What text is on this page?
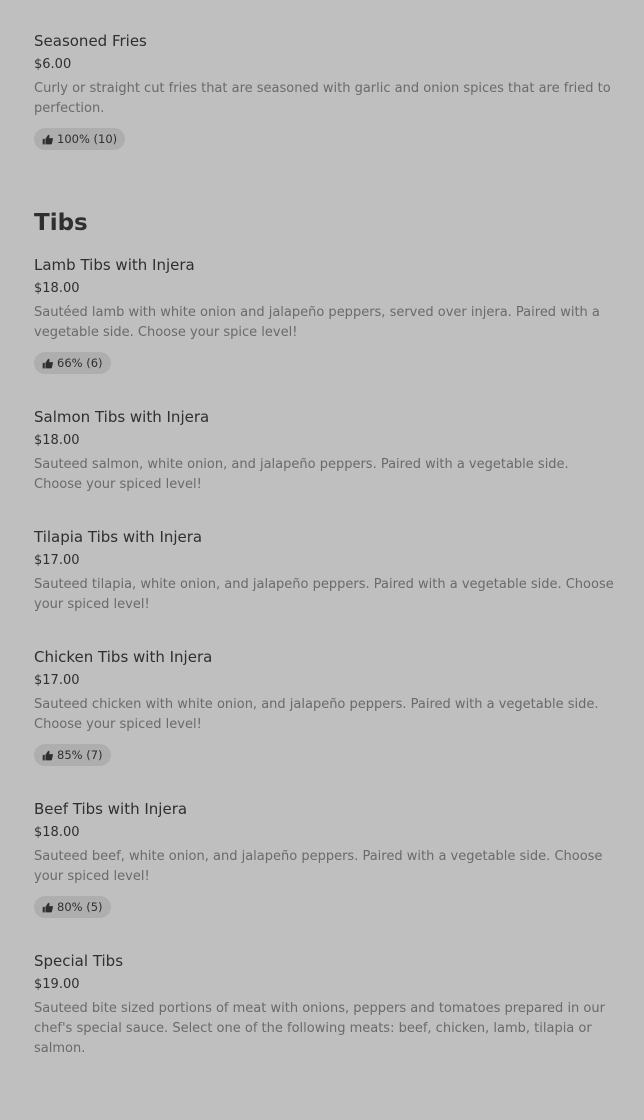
Seasoned Fries
$6.00
Curly or straight cut fries that are seasoned with garlic and onion spices that are fried to perfection.
100% (10)
Tibs
Lamb Tibs with Injera
$18.00
Sautéed lamb with white onion and jalapeño peppers, served over injera. Paired with a vegetable side. Choose your spice level!
66% (6)
Salmon Tibs with Injera
$18.00
Sauteed salmon, white onion, and jalapeño peppers. Paired with a vegetable side. Choose your spiced level!
Tilapia Tibs with Injera
$17.00
Sauteed tilapia, white onion, and jalapeño peppers. Paired with a vegetable side. Choose your spiced level!
Chicken Tibs with Injera
$17.00
Sauteed chicken with white onion, and jalapeño peppers. Paired with a vegetable side. Choose your spiced level!
85% (7)
Beef Tibs with Injera
$18.00
Sauteed beef, white onion, and jalapeño peppers. Paired with a vegetable side. Choose your spiced level!
80% (5)
Special Tibs
$19.00
Sauteed bite sized portions of meat with onions, peppers and tomatoes prepared in our chef's special sauce. Select one of the following meats: beef, chicken, lamb, tilapia or salmon.
